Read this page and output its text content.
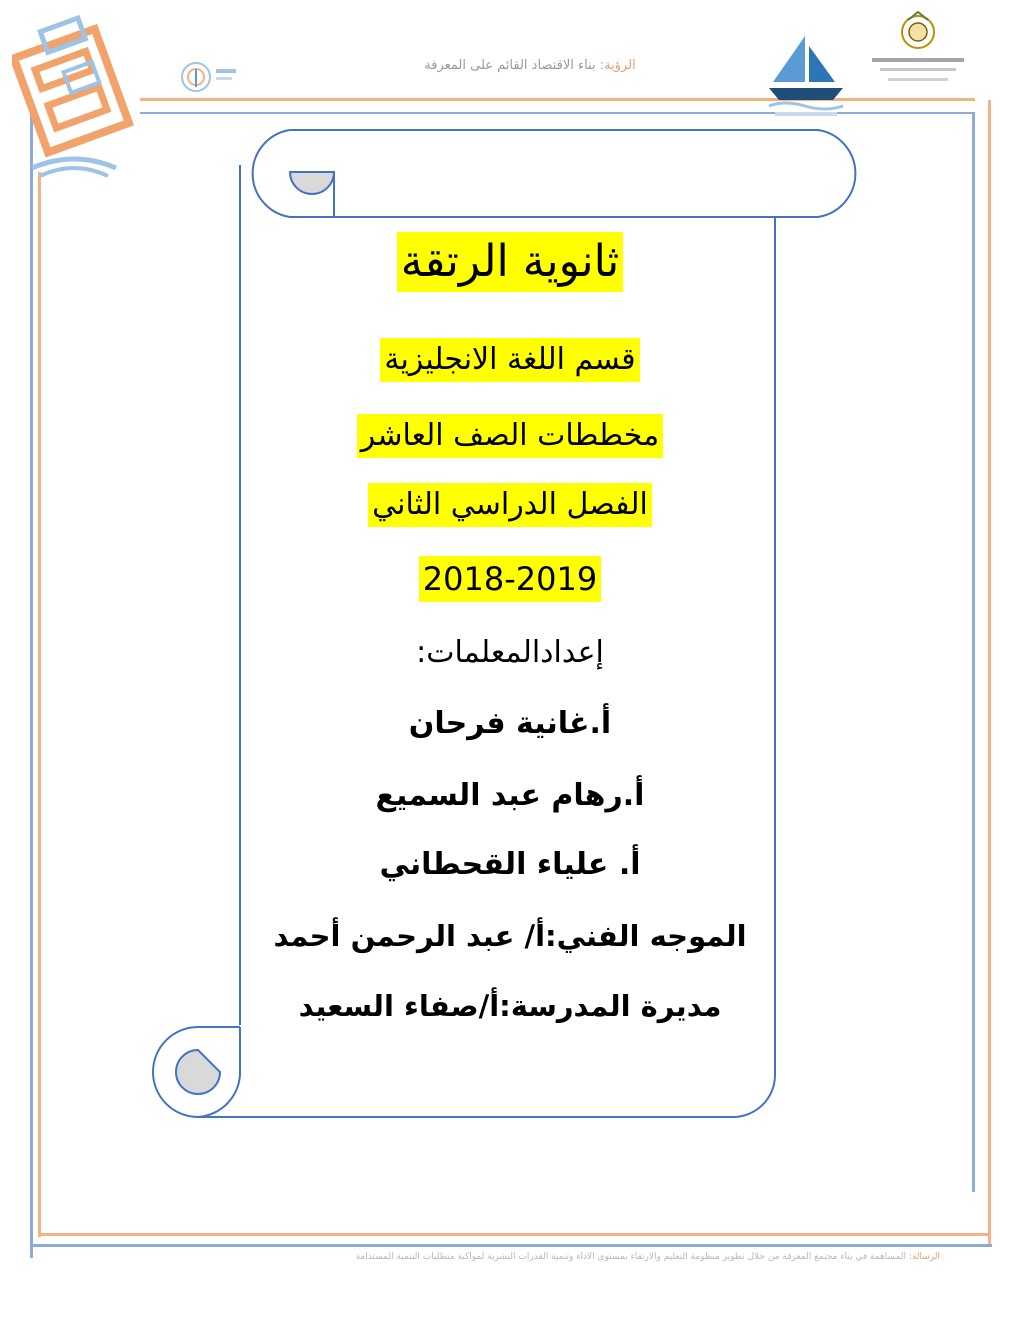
الرؤية: بناء الاقتصاد القائم على المعرفة
ثانوية الرتقة
قسم اللغة الانجليزية
مخططات الصف العاشر
الفصل الدراسي الثاني
2018-2019
إعدادالمعلمات:
أ.غانية فرحان
أ.رهام عبد السميع
أ. علياء القحطاني
الموجه الفني:أ/ عبد الرحمن أحمد
مديرة المدرسة:أ/صفاء السعيد
الرسالة: المساهمة في بناء مجتمع المعرفة من خلال تطوير منظومة التعليم والارتقاء بمستوى الأداء وتنمية القدرات البشرية لمواكبة متطلبات التنمية المستدامة
